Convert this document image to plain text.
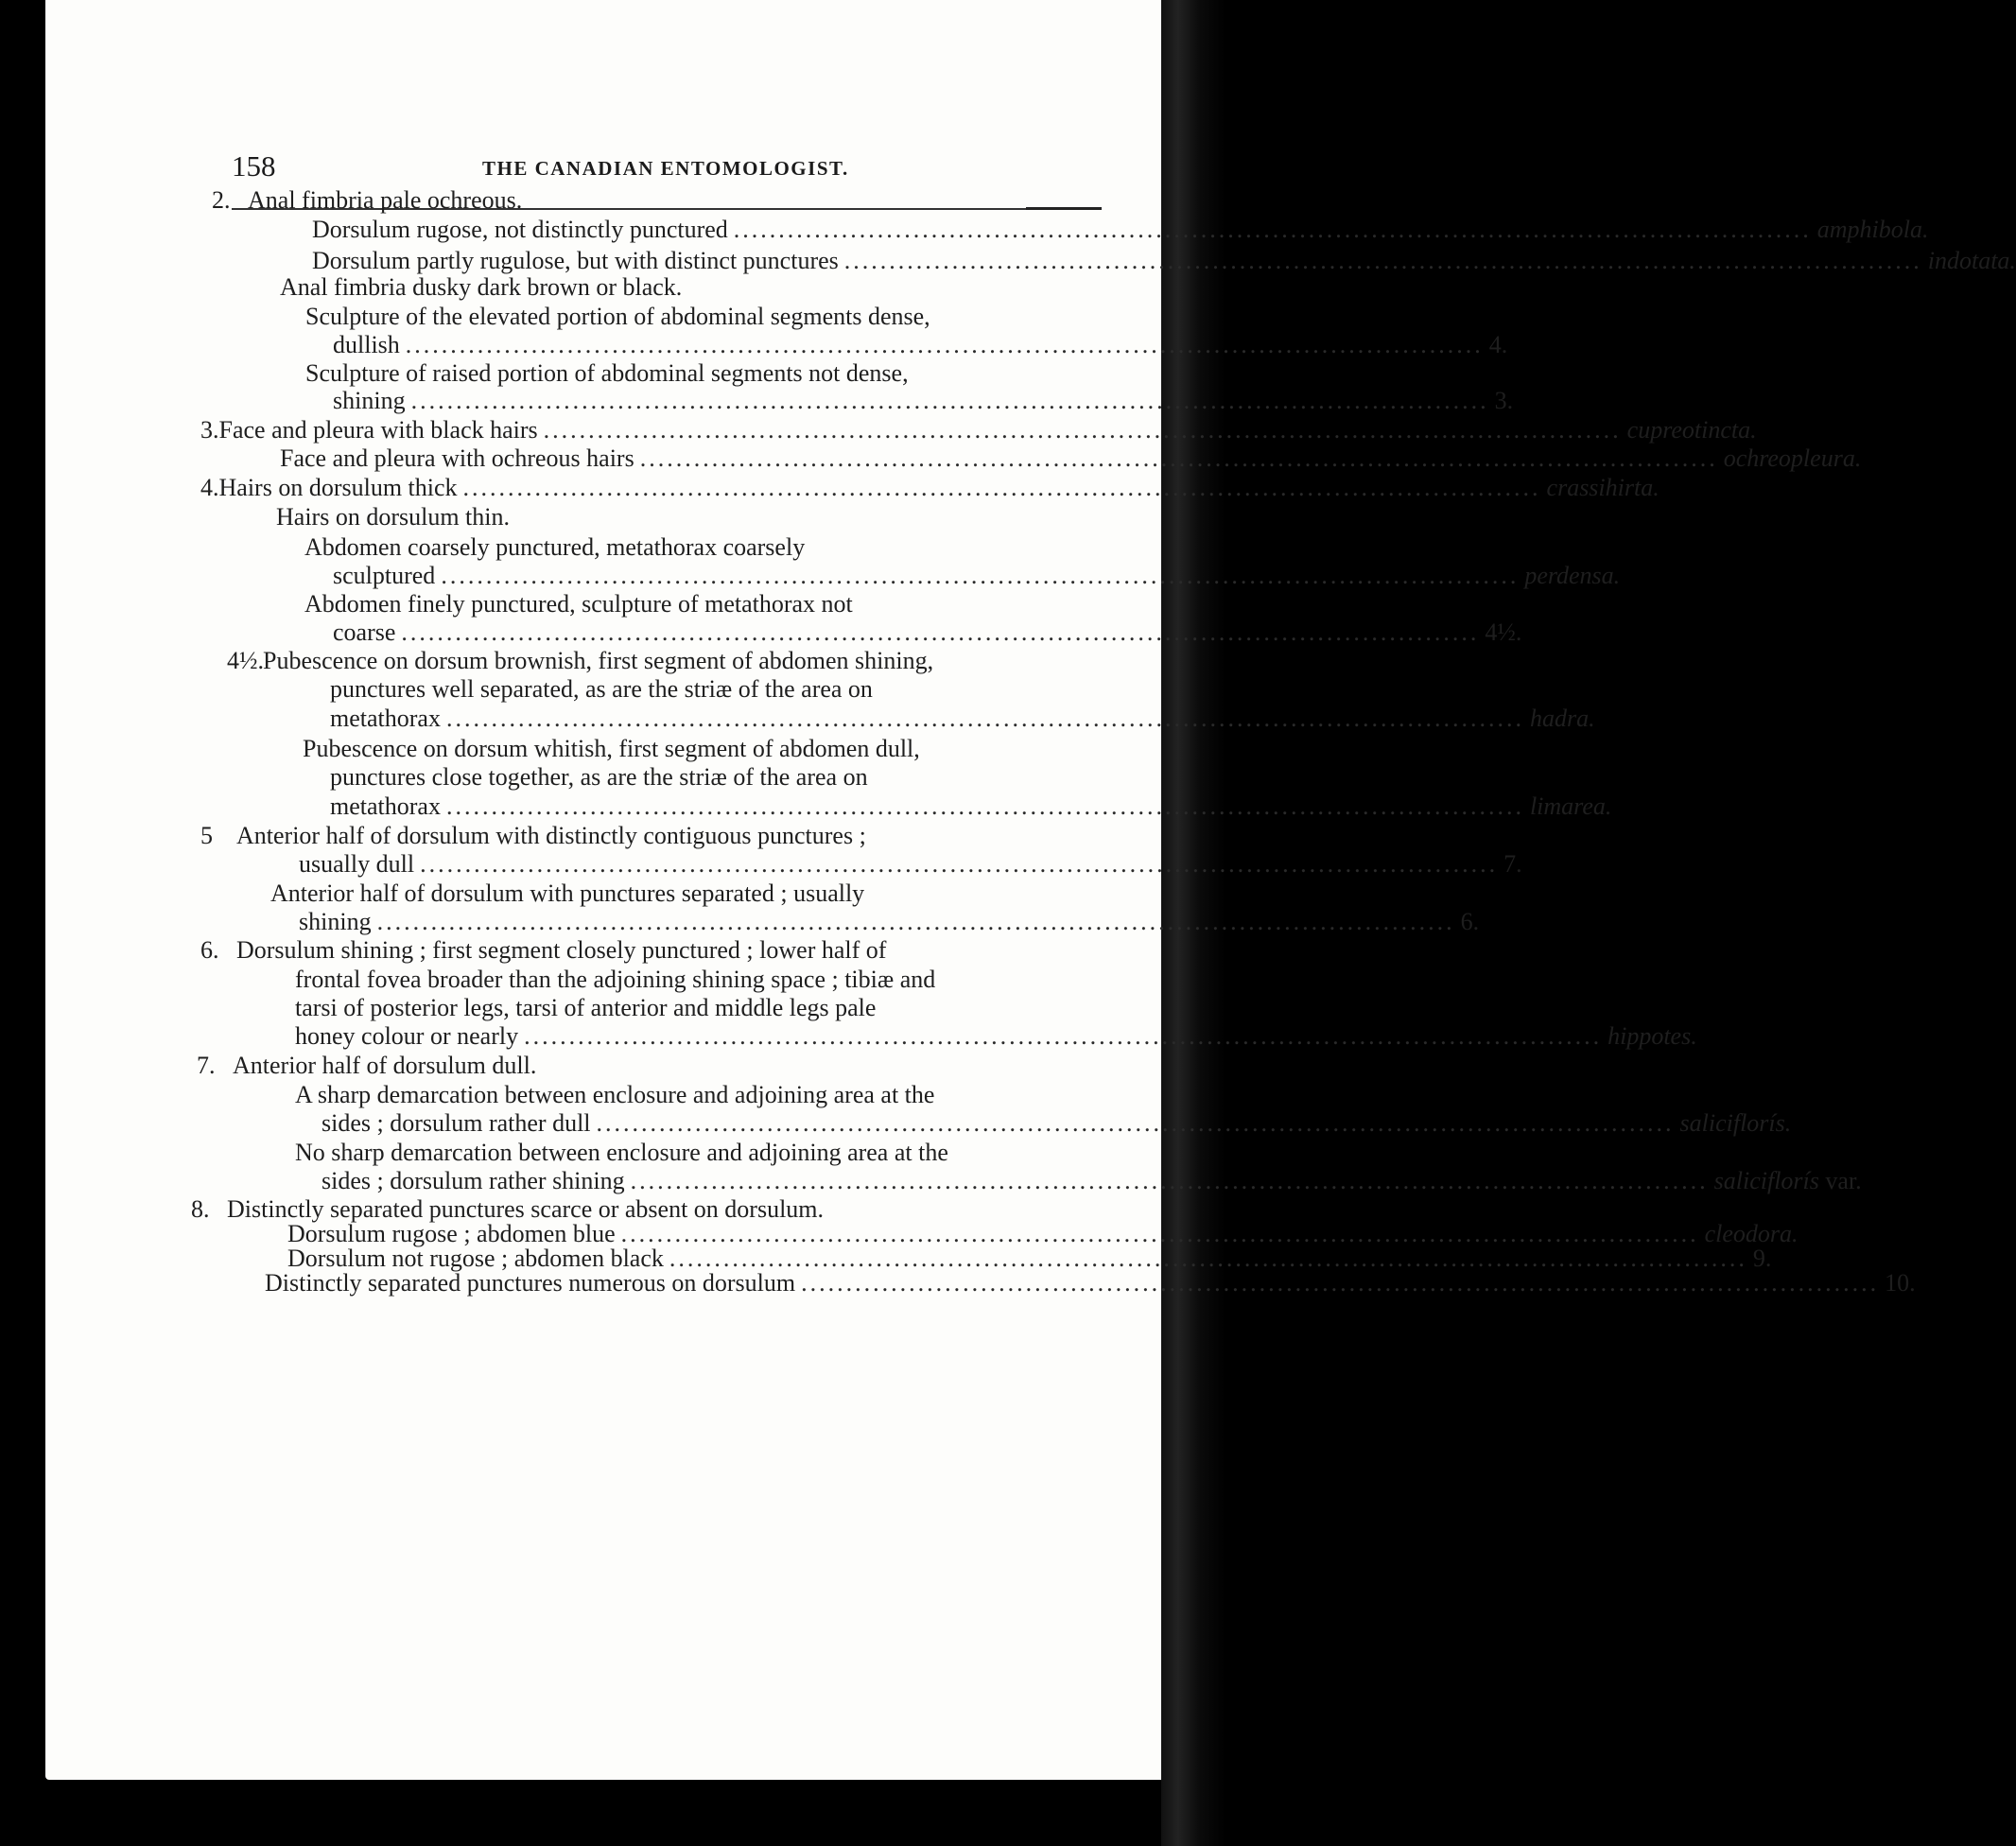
158	THE CANADIAN ENTOMOLOGIST.
2. Anal fimbria pale ochreous.
Dorsulum rugose, not distinctly punctured ........................................................................................................................ amphibola.
Dorsulum partly rugulose, but with distinct punctures ........................................................................................................................ indotata.
Anal fimbria dusky dark brown or black.
Sculpture of the elevated portion of abdominal segments dense,
dullish ........................................................................................................................ 4.
Sculpture of raised portion of abdominal segments not dense,
shining ........................................................................................................................ 3.
3. Face and pleura with black hairs ........................................................................................................................ cupreotincta.
Face and pleura with ochreous hairs ........................................................................................................................ ochreopleura.
4. Hairs on dorsulum thick ........................................................................................................................ crassihirta.
Hairs on dorsulum thin.
Abdomen coarsely punctured, metathorax coarsely
sculptured ........................................................................................................................ perdensa.
Abdomen finely punctured, sculpture of metathorax not
coarse ........................................................................................................................ 4½.
4½. Pubescence on dorsum brownish, first segment of abdomen shining,
punctures well separated, as are the striæ of the area on
metathorax ........................................................................................................................ hadra.
Pubescence on dorsum whitish, first segment of abdomen dull,
punctures close together, as are the striæ of the area on
metathorax ........................................................................................................................ limarea.
5 Anterior half of dorsulum with distinctly contiguous punctures ;
usually dull ........................................................................................................................ 7.
Anterior half of dorsulum with punctures separated ; usually
shining ........................................................................................................................ 6.
6. Dorsulum shining ; first segment closely punctured ; lower half of
frontal fovea broader than the adjoining shining space ; tibiæ and
tarsi of posterior legs, tarsi of anterior and middle legs pale
honey colour or nearly ........................................................................................................................ hippotes.
7. Anterior half of dorsulum dull.
A sharp demarcation between enclosure and adjoining area at the
sides ; dorsulum rather dull ........................................................................................................................ saliciflorís.
No sharp demarcation between enclosure and adjoining area at the
sides ; dorsulum rather shining ........................................................................................................................ saliciflorís var.
8. Distinctly separated punctures scarce or absent on dorsulum.
Dorsulum rugose ; abdomen blue ........................................................................................................................ cleodora.
Dorsulum not rugose ; abdomen black ........................................................................................................................ 9.
Distinctly separated punctures numerous on dorsulum ........................................................................................................................ 10.
